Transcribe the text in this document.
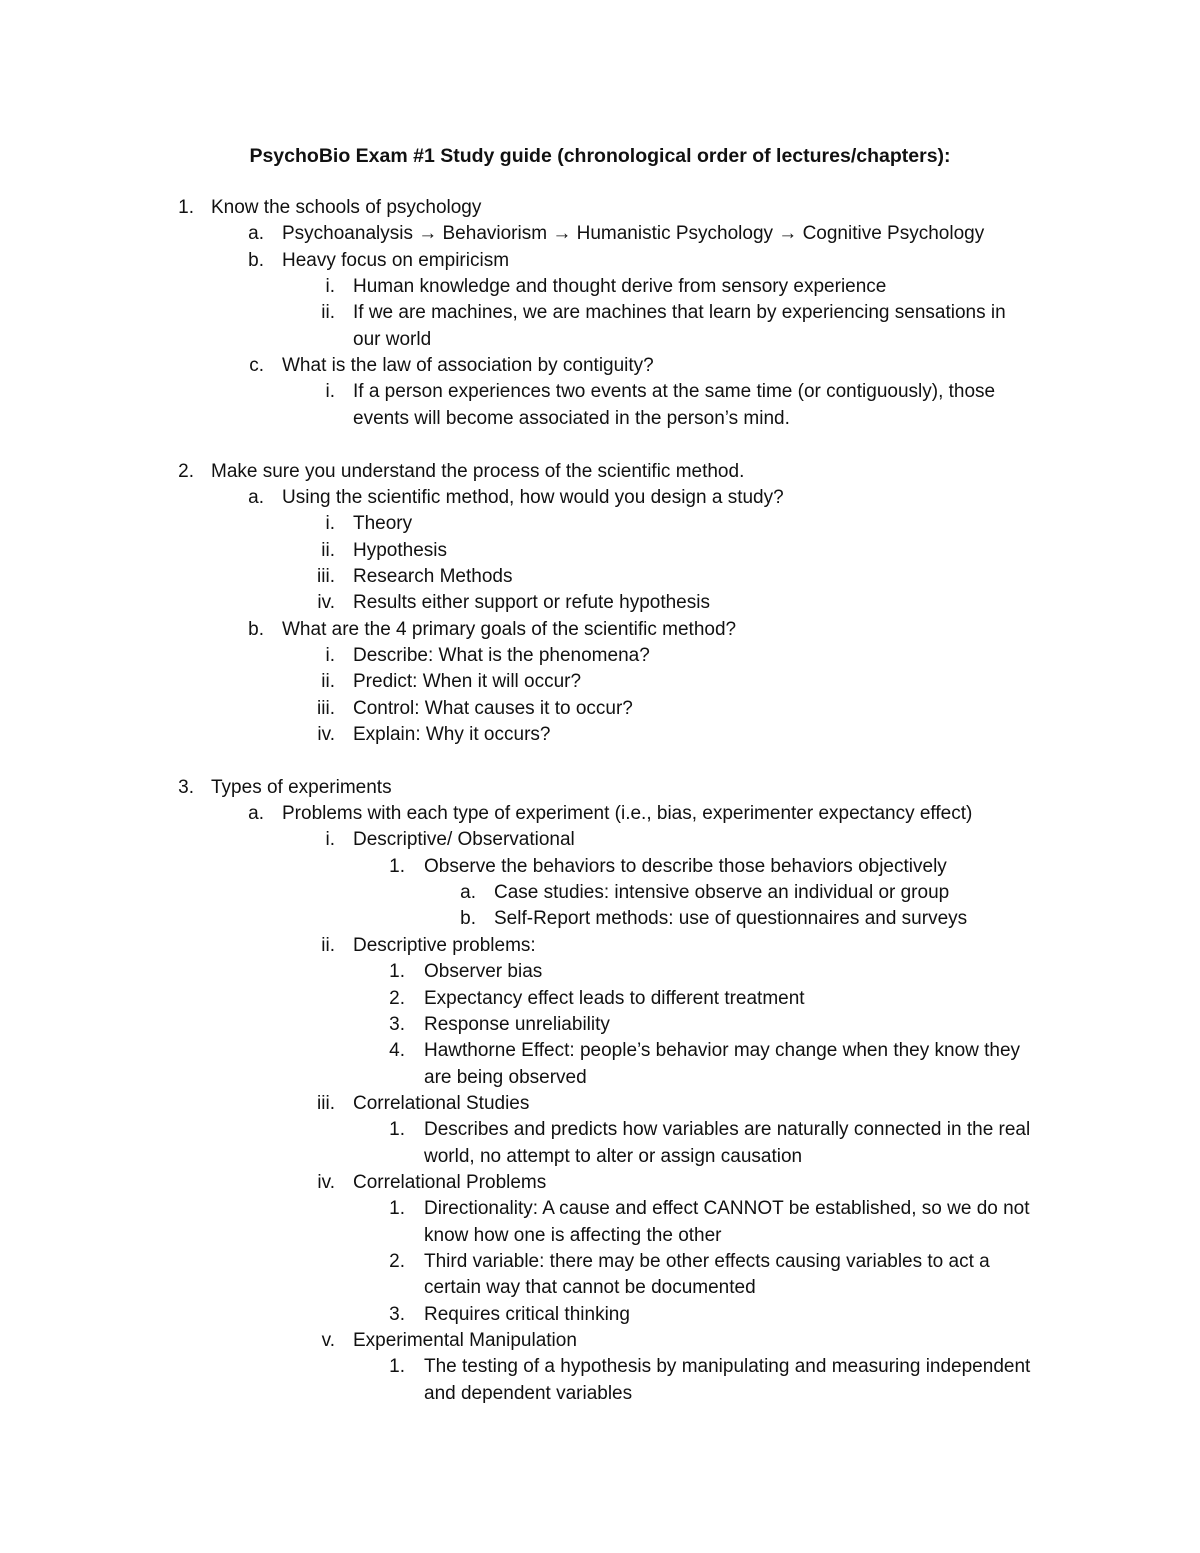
PsychoBio Exam #1 Study guide (chronological order of lectures/chapters):
1. Know the schools of psychology
a. Psychoanalysis → Behaviorism → Humanistic Psychology → Cognitive Psychology
b. Heavy focus on empiricism
i. Human knowledge and thought derive from sensory experience
ii. If we are machines, we are machines that learn by experiencing sensations in
our world
c. What is the law of association by contiguity?
i. If a person experiences two events at the same time (or contiguously), those
events will become associated in the person’s mind.
2. Make sure you understand the process of the scientific method.
a. Using the scientific method, how would you design a study?
i. Theory
ii. Hypothesis
iii. Research Methods
iv. Results either support or refute hypothesis
b. What are the 4 primary goals of the scientific method?
i. Describe: What is the phenomena?
ii. Predict: When it will occur?
iii. Control: What causes it to occur?
iv. Explain: Why it occurs?
3. Types of experiments
a. Problems with each type of experiment (i.e., bias, experimenter expectancy effect)
i. Descriptive/ Observational
1. Observe the behaviors to describe those behaviors objectively
a. Case studies: intensive observe an individual or group
b. Self-Report methods: use of questionnaires and surveys
ii. Descriptive problems:
1. Observer bias
2. Expectancy effect leads to different treatment
3. Response unreliability
4. Hawthorne Effect: people’s behavior may change when they know they
are being observed
iii. Correlational Studies
1. Describes and predicts how variables are naturally connected in the real
world, no attempt to alter or assign causation
iv. Correlational Problems
1. Directionality: A cause and effect CANNOT be established, so we do not
know how one is affecting the other
2. Third variable: there may be other effects causing variables to act a
certain way that cannot be documented
3. Requires critical thinking
v. Experimental Manipulation
1. The testing of a hypothesis by manipulating and measuring independent
and dependent variables
